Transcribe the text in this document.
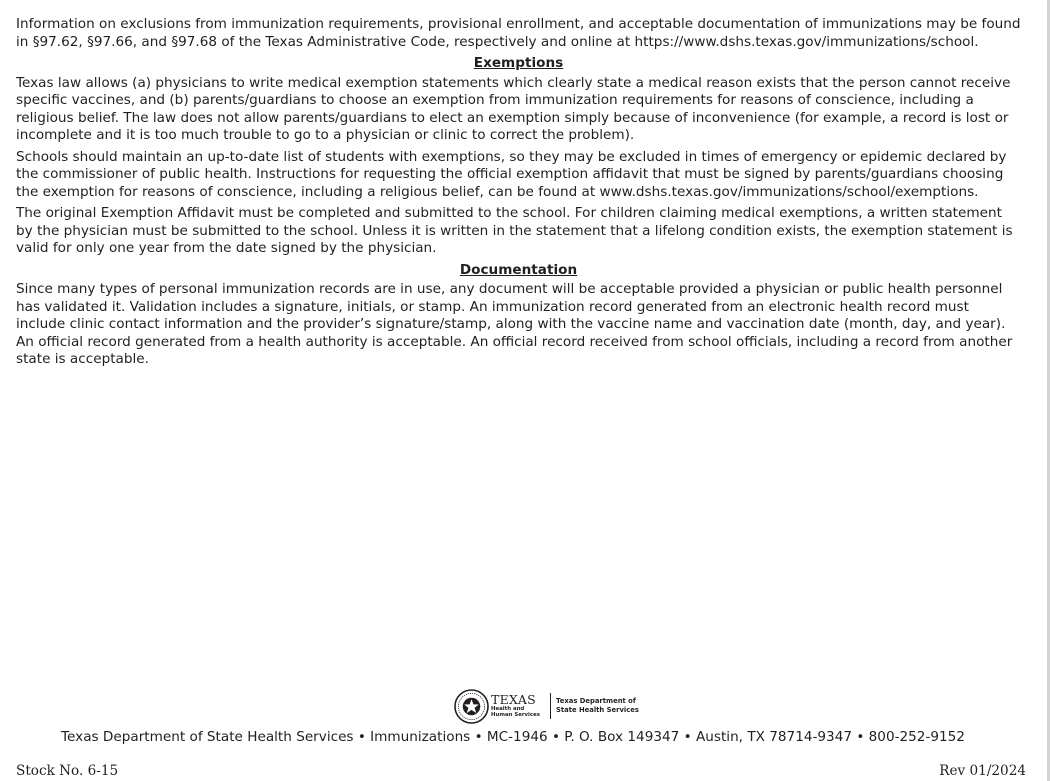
Information on exclusions from immunization requirements, provisional enrollment, and acceptable documentation of immunizations may be found in §97.62, §97.66, and §97.68 of the Texas Administrative Code, respectively and online at https://www.dshs.texas.gov/immunizations/school.

Exemptions

Texas law allows (a) physicians to write medical exemption statements which clearly state a medical reason exists that the person cannot receive specific vaccines, and (b) parents/guardians to choose an exemption from immunization requirements for reasons of conscience, including a religious belief. The law does not allow parents/guardians to elect an exemption simply because of inconvenience (for example, a record is lost or incomplete and it is too much trouble to go to a physician or clinic to correct the problem).

Schools should maintain an up-to-date list of students with exemptions, so they may be excluded in times of emergency or epidemic declared by the commissioner of public health. Instructions for requesting the official exemption affidavit that must be signed by parents/guardians choosing the exemption for reasons of conscience, including a religious belief, can be found at www.dshs.texas.gov/immunizations/school/exemptions.

The original Exemption Affidavit must be completed and submitted to the school. For children claiming medical exemptions, a written statement by the physician must be submitted to the school. Unless it is written in the statement that a lifelong condition exists, the exemption statement is valid for only one year from the date signed by the physician.

Documentation

Since many types of personal immunization records are in use, any document will be acceptable provided a physician or public health personnel has validated it. Validation includes a signature, initials, or stamp. An immunization record generated from an electronic health record must include clinic contact information and the provider’s signature/stamp, along with the vaccine name and vaccination date (month, day, and year). An official record generated from a health authority is acceptable. An official record received from school officials, including a record from another state is acceptable.

TEXAS
Health and Human Services
Texas Department of State Health Services
Texas Department of State Health Services • Immunizations • MC-1946 • P. O. Box 149347 • Austin, TX 78714-9347 • 800-252-9152
Stock No. 6-15	Rev 01/2024
